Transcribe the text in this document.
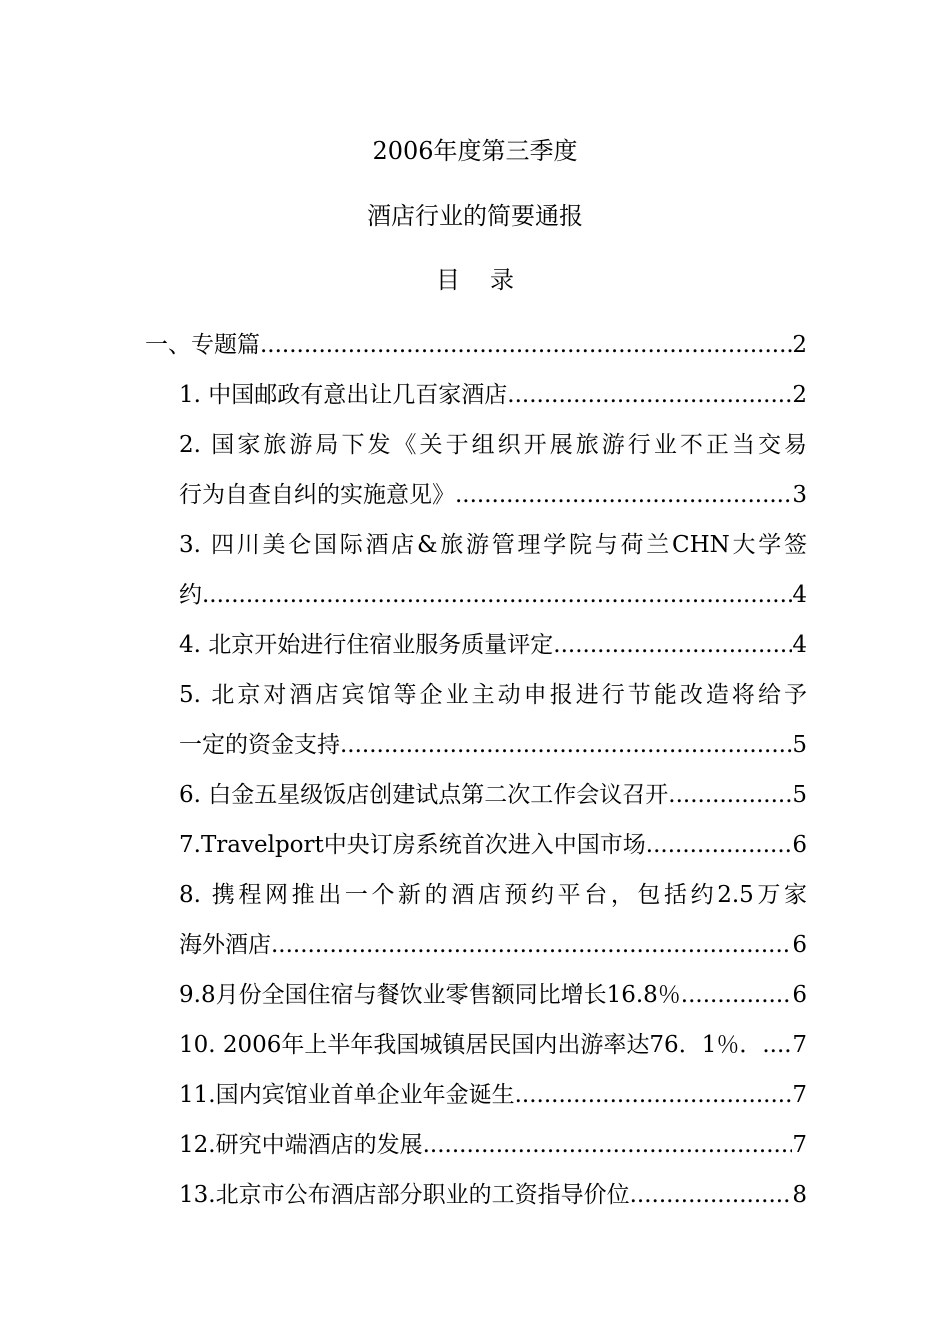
2006年度第三季度
酒店行业的简要通报
目录
一、专题篇 .....	2
1. 中国邮政有意出让几百家酒店 .....	2
2. 国家旅游局下发《关于组织开展旅游行业不正当交易
行为自查自纠的实施意见》 .....	3
3. 四川美仑国际酒店&旅游管理学院与荷兰CHN大学签
约 .....	4
4. 北京开始进行住宿业服务质量评定 .....	4
5. 北京对酒店宾馆等企业主动申报进行节能改造将给予
一定的资金支持 .....	5
6. 白金五星级饭店创建试点第二次工作会议召开 .....	5
7.Travelport中央订房系统首次进入中国市场 .....	6
8. 携程网推出一个新的酒店预约平台，包括约2.5万家
海外酒店 .....	6
9.8月份全国住宿与餐饮业零售额同比增长16.8％ .....	6
10. 2006年上半年我国城镇居民国内出游率达76．1％． ..... 7
11.国内宾馆业首单企业年金诞生 .....	7
12.研究中端酒店的发展 .....	7
13.北京市公布酒店部分职业的工资指导价位 .....	8
